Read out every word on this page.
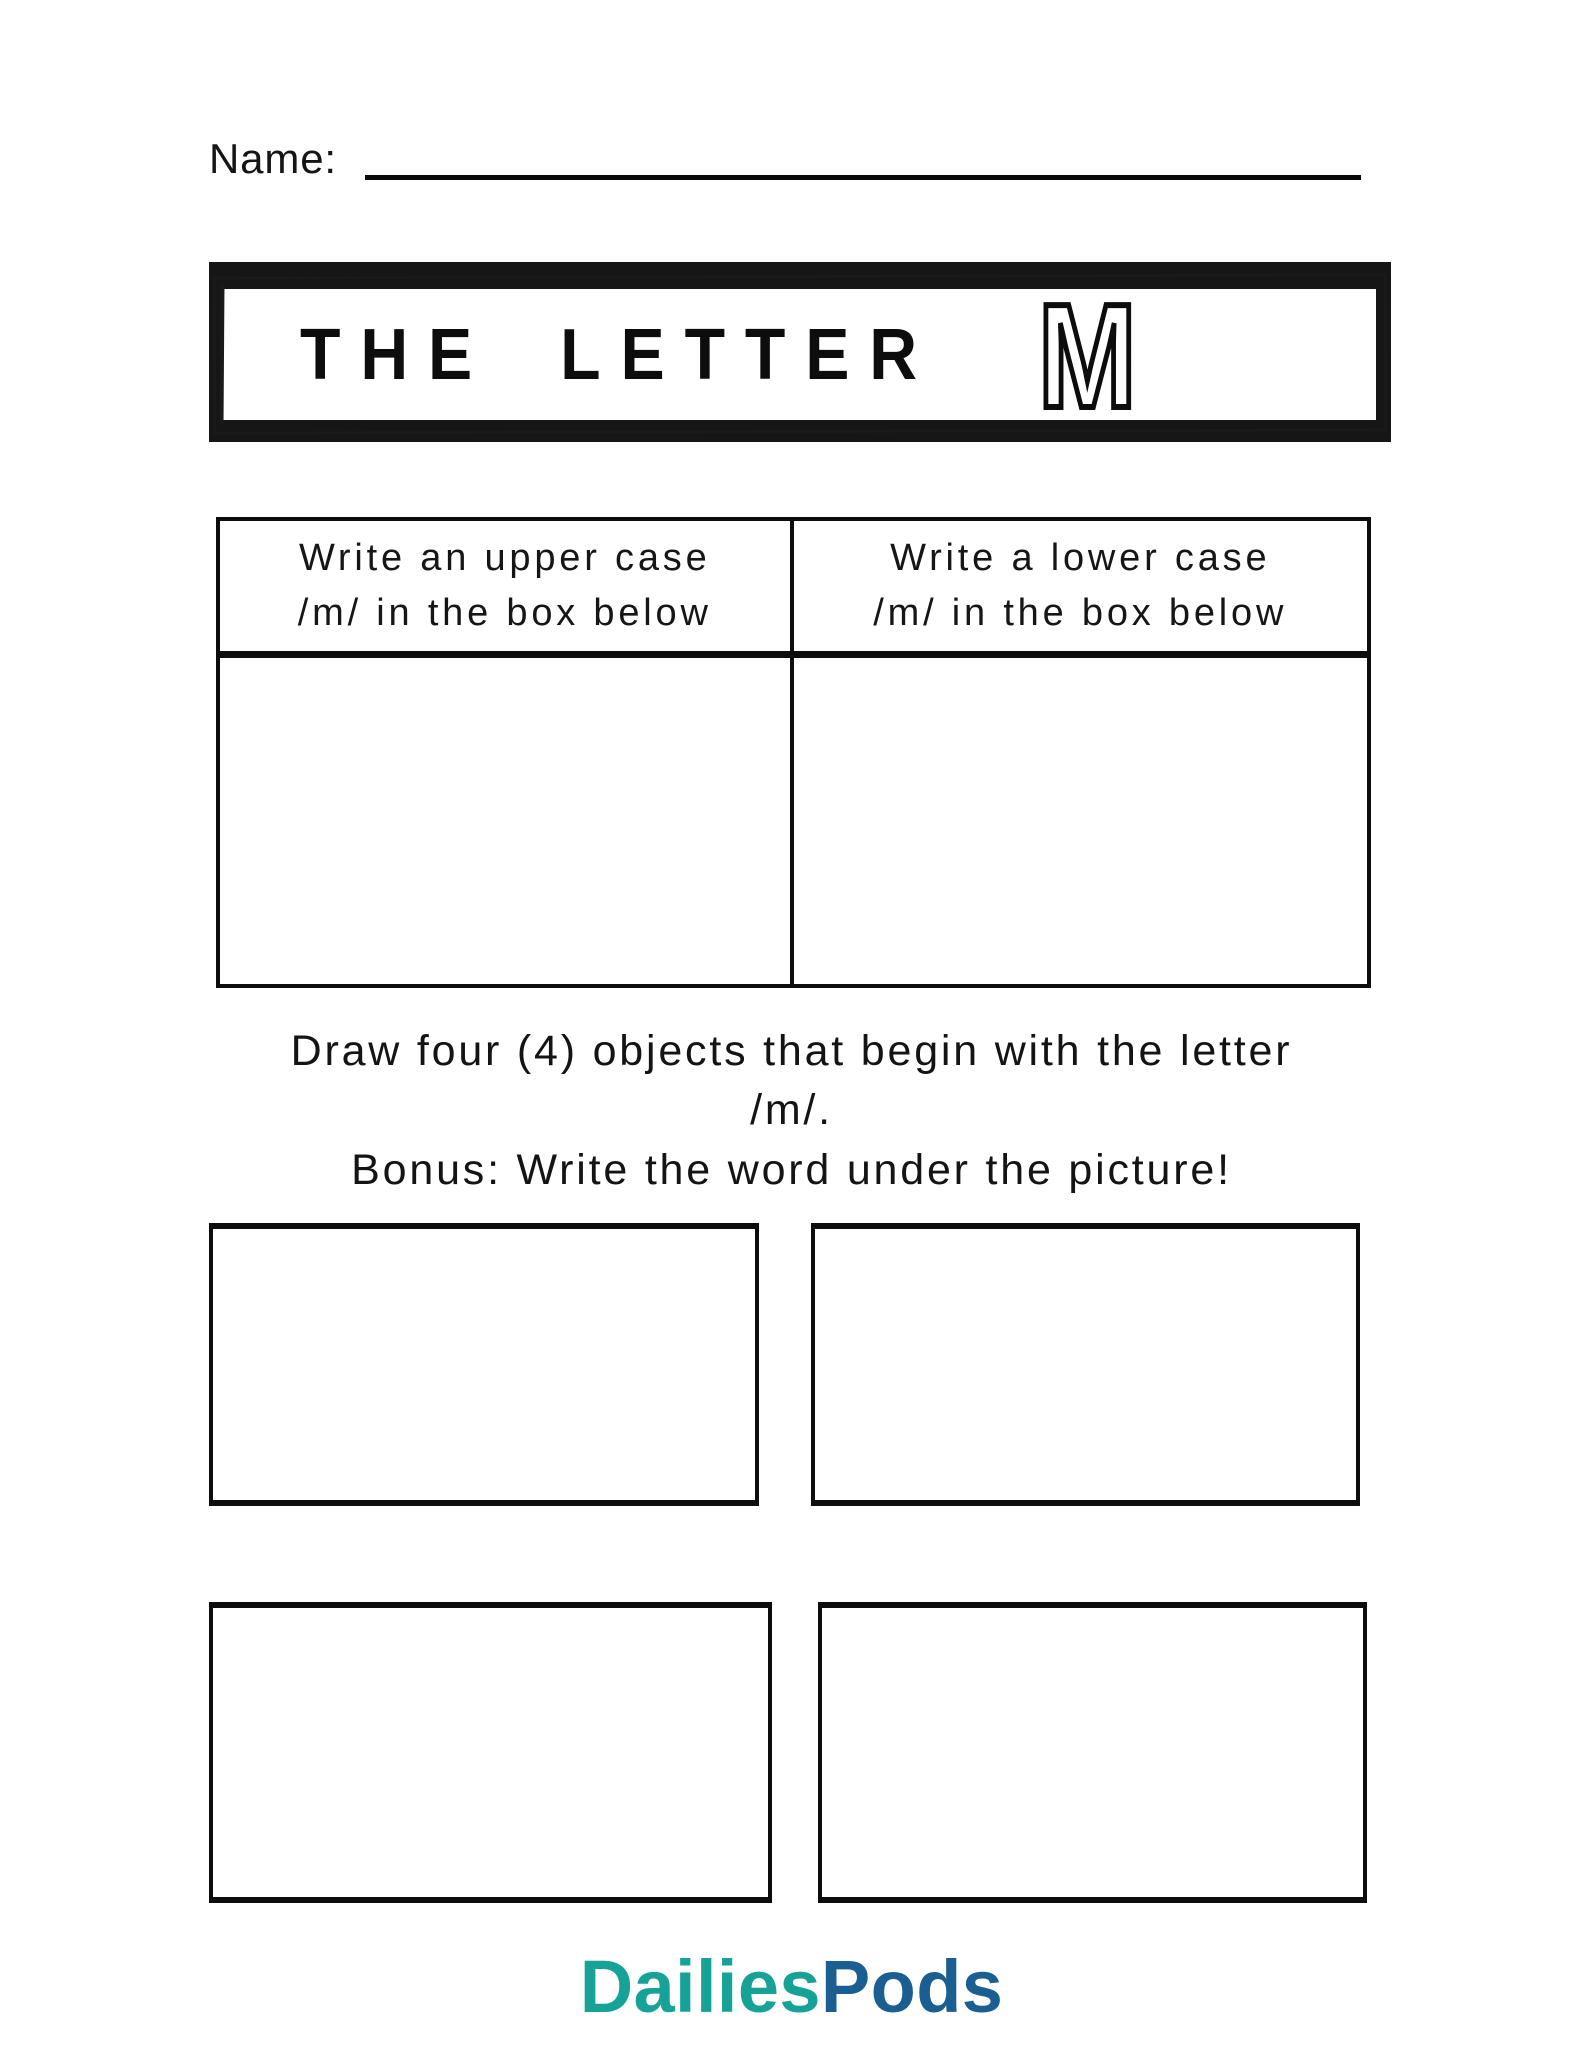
Name:
THE LETTER M
Write an upper case
/m/ in the box below
Write a lower case
/m/ in the box below
Draw four (4) objects that begin with the letter
/m/.
Bonus: Write the word under the picture!
DailiesPods
